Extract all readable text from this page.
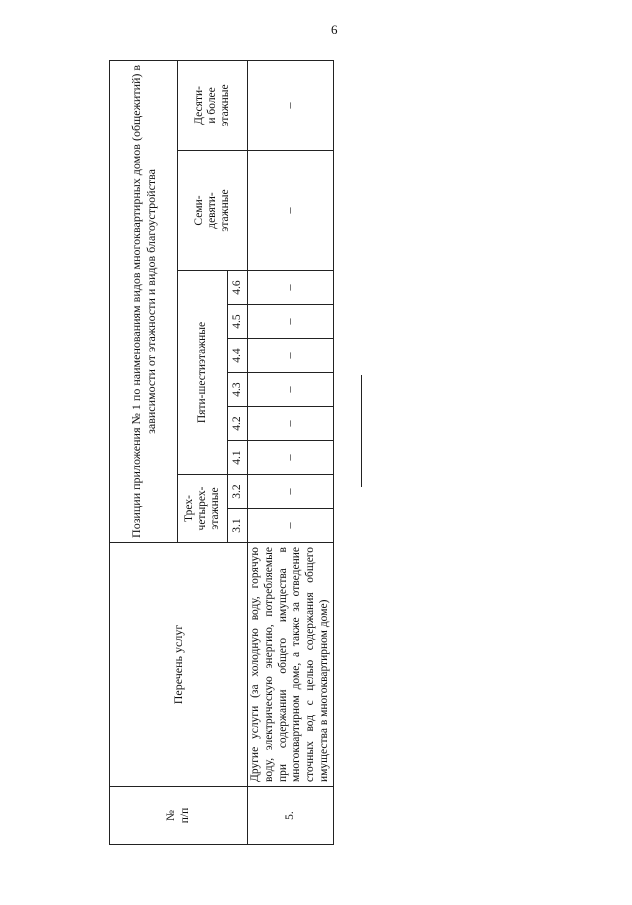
6
№
п/п	Перечень услуг	Позиции приложения № 1 по наименованиям видов многоквартирных домов (общежитий) в зависимости от этажности и видов благоустройства									
		Трех-
четырех-
этажные		Пяти-шестиэтажные						Семи-
девяти-
этажные	Десяти-
и более
этажные
		3.1	3.2	4.1	4.2	4.3	4.4	4.5	4.6		
5.	Другие услуги (за холодную воду, горячую воду, электрическую энергию, потребляемые при содержании общего имущества в многоквартирном доме, а также за отведение сточных вод с целью содержания общего имущества в многоквартирном доме)	–	–	–	–	–	–	–	–	–	–
